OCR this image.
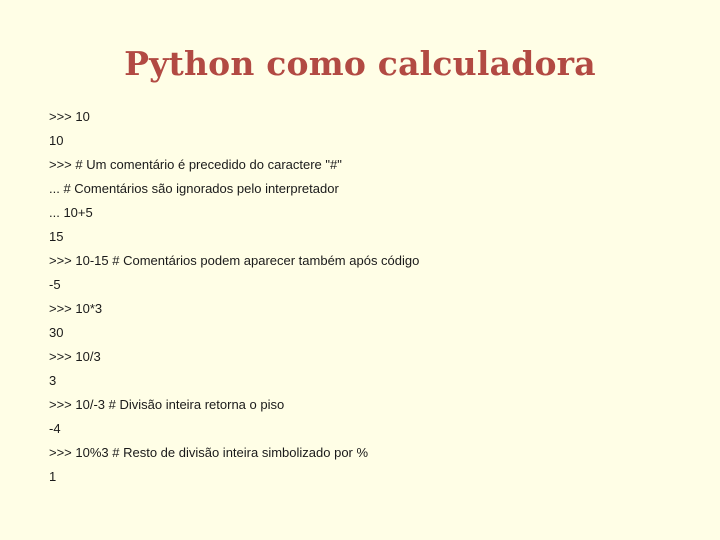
Python como calculadora
>>> 10
10
>>> # Um comentário é precedido do caractere "#"
... # Comentários são ignorados pelo interpretador
... 10+5
15
>>> 10-15 # Comentários podem aparecer também após código
-5
>>> 10*3
30
>>> 10/3
3
>>> 10/-3 # Divisão inteira retorna o piso
-4
>>> 10%3 # Resto de divisão inteira simbolizado por %
1
